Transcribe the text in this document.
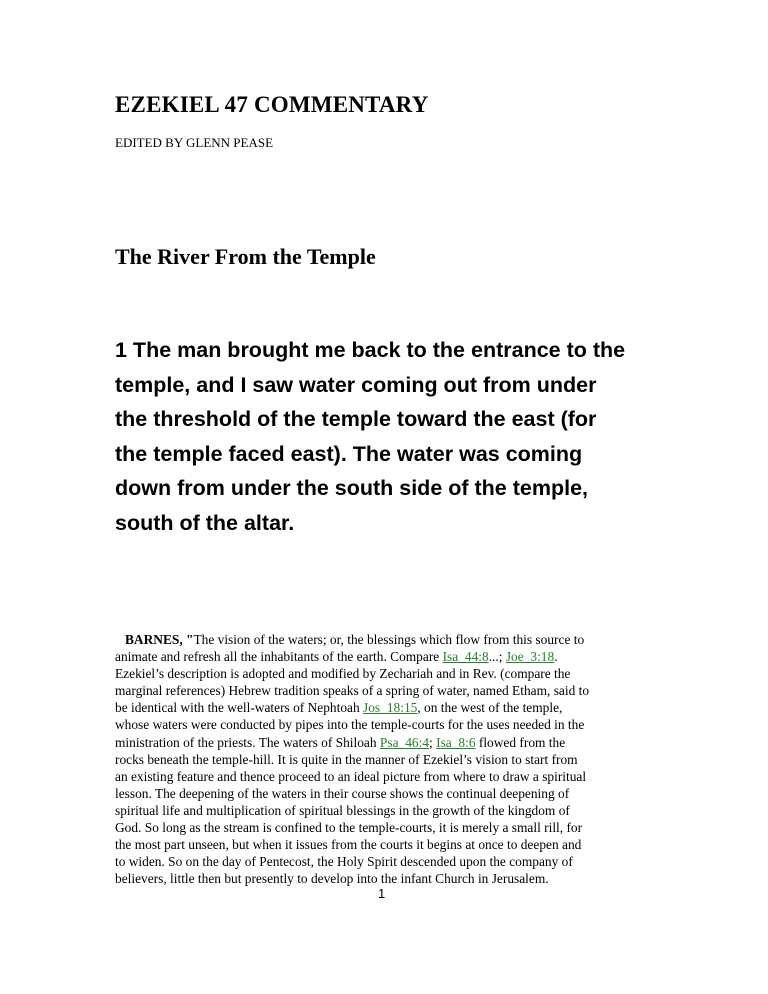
EZEKIEL 47 COMMENTARY
EDITED BY GLENN PEASE
The River From the Temple
1 The man brought me back to the entrance to the
temple, and I saw water coming out from under
the threshold of the temple toward the east (for
the temple faced east). The water was coming
down from under the south side of the temple,
south of the altar.
BARNES, "The vision of the waters; or, the blessings which flow from this source to
animate and refresh all the inhabitants of the earth. Compare Isa_44:8...; Joe_3:18.
Ezekiel’s description is adopted and modified by Zechariah and in Rev. (compare the
marginal references) Hebrew tradition speaks of a spring of water, named Etham, said to
be identical with the well-waters of Nephtoah Jos_18:15, on the west of the temple,
whose waters were conducted by pipes into the temple-courts for the uses needed in the
ministration of the priests. The waters of Shiloah Psa_46:4; Isa_8:6 flowed from the
rocks beneath the temple-hill. It is quite in the manner of Ezekiel’s vision to start from
an existing feature and thence proceed to an ideal picture from where to draw a spiritual
lesson. The deepening of the waters in their course shows the continual deepening of
spiritual life and multiplication of spiritual blessings in the growth of the kingdom of
God. So long as the stream is confined to the temple-courts, it is merely a small rill, for
the most part unseen, but when it issues from the courts it begins at once to deepen and
to widen. So on the day of Pentecost, the Holy Spirit descended upon the company of
believers, little then but presently to develop into the infant Church in Jerusalem.
1
